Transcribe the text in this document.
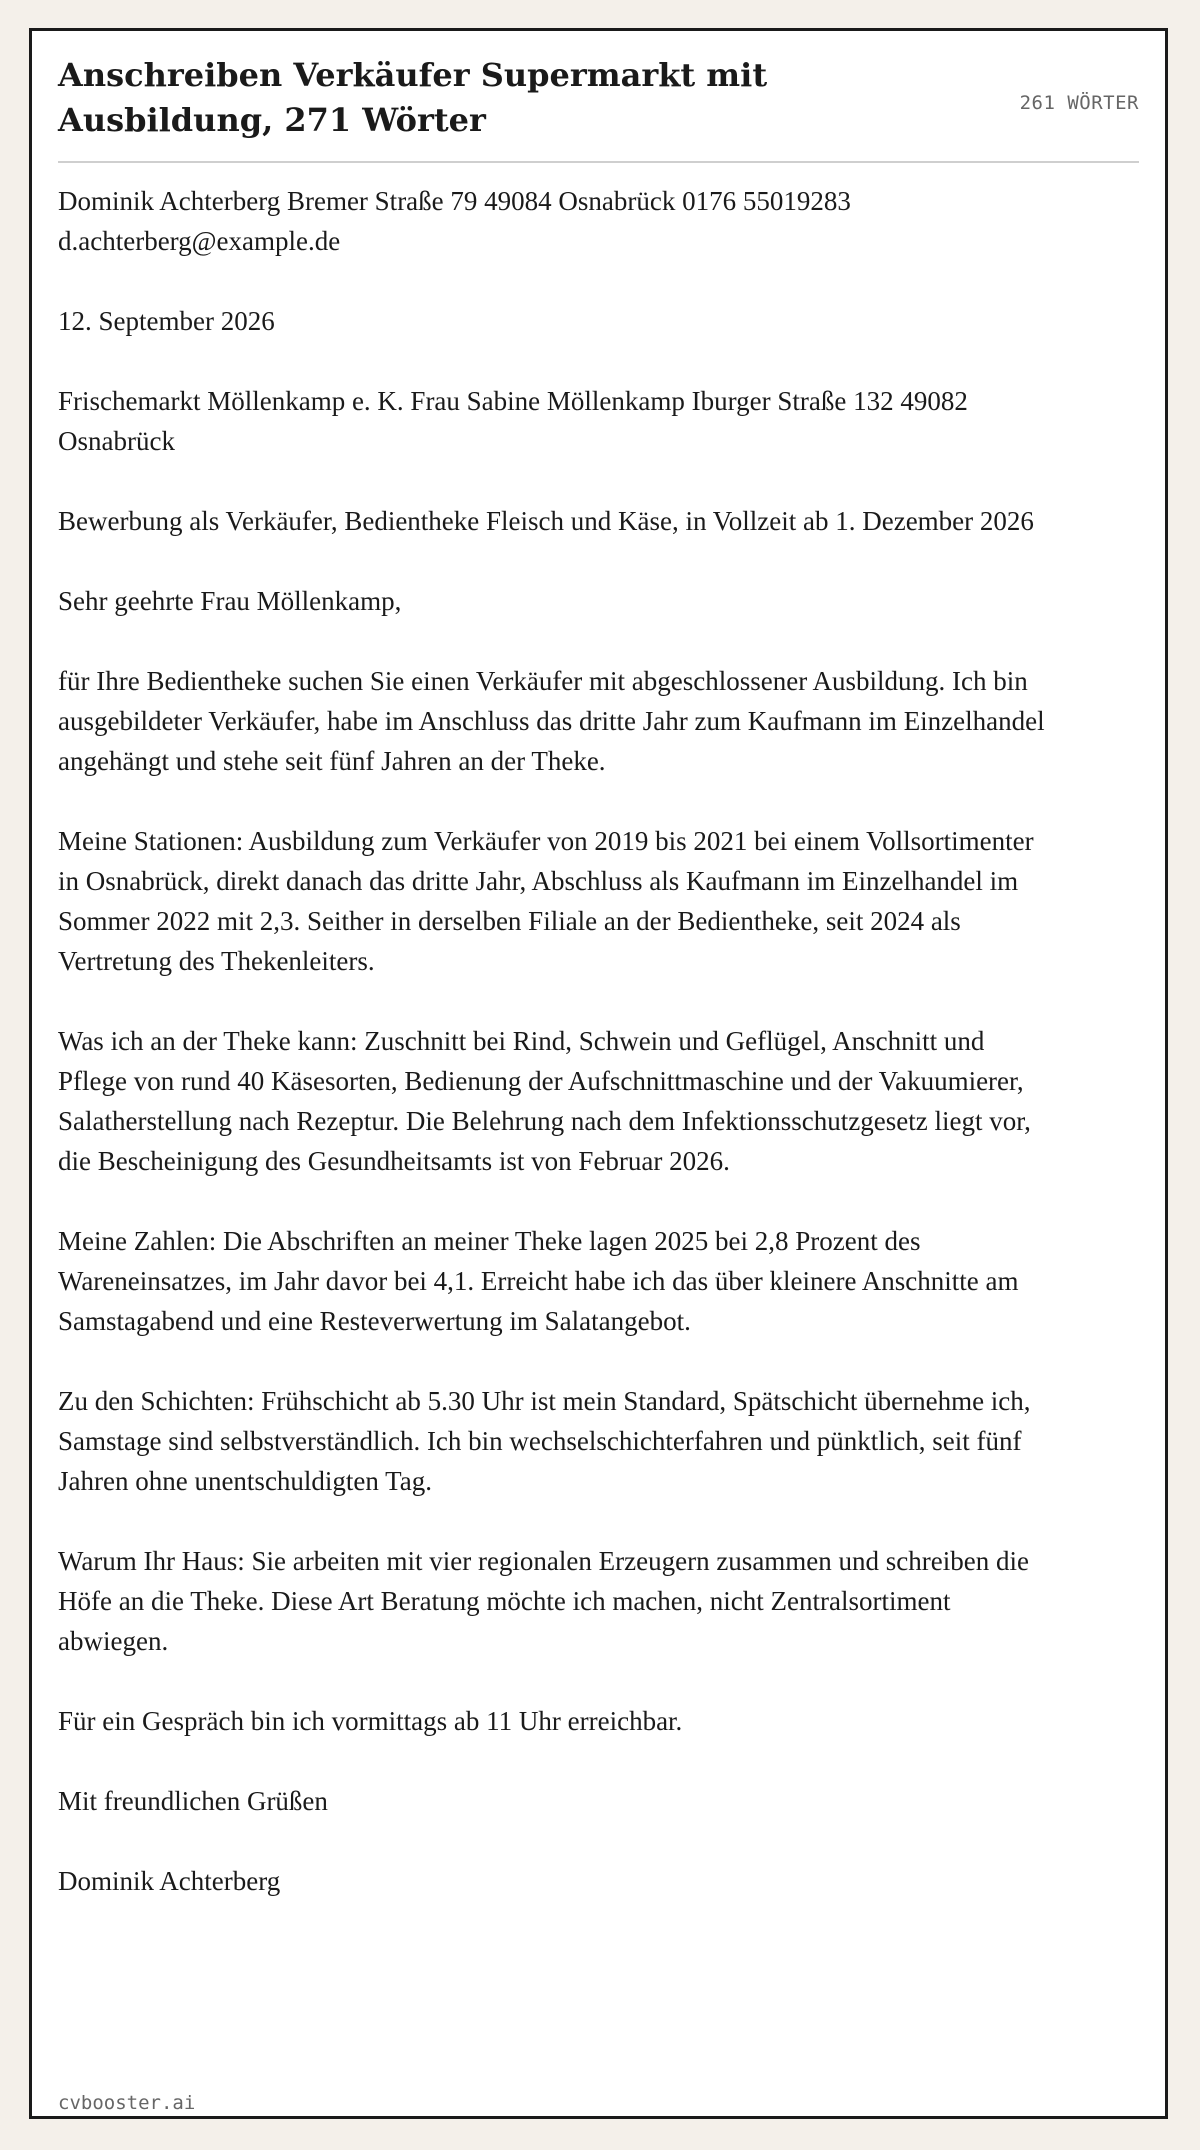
Anschreiben Verkäufer Supermarkt mit Ausbildung, 271 Wörter	261 WÖRTER

Dominik Achterberg Bremer Straße 79 49084 Osnabrück 0176 55019283 d.achterberg@example.de

12. September 2026

Frischemarkt Möllenkamp e. K. Frau Sabine Möllenkamp Iburger Straße 132 49082 Osnabrück

Bewerbung als Verkäufer, Bedientheke Fleisch und Käse, in Vollzeit ab 1. Dezember 2026

Sehr geehrte Frau Möllenkamp,

für Ihre Bedientheke suchen Sie einen Verkäufer mit abgeschlossener Ausbildung. Ich bin ausgebildeter Verkäufer, habe im Anschluss das dritte Jahr zum Kaufmann im Einzelhandel angehängt und stehe seit fünf Jahren an der Theke.

Meine Stationen: Ausbildung zum Verkäufer von 2019 bis 2021 bei einem Vollsortimenter in Osnabrück, direkt danach das dritte Jahr, Abschluss als Kaufmann im Einzelhandel im Sommer 2022 mit 2,3. Seither in derselben Filiale an der Bedientheke, seit 2024 als Vertretung des Thekenleiters.

Was ich an der Theke kann: Zuschnitt bei Rind, Schwein und Geflügel, Anschnitt und Pflege von rund 40 Käsesorten, Bedienung der Aufschnittmaschine und der Vakuumierer, Salatherstellung nach Rezeptur. Die Belehrung nach dem Infektionsschutzgesetz liegt vor, die Bescheinigung des Gesundheitsamts ist von Februar 2026.

Meine Zahlen: Die Abschriften an meiner Theke lagen 2025 bei 2,8 Prozent des Wareneinsatzes, im Jahr davor bei 4,1. Erreicht habe ich das über kleinere Anschnitte am Samstagabend und eine Resteverwertung im Salatangebot.

Zu den Schichten: Frühschicht ab 5.30 Uhr ist mein Standard, Spätschicht übernehme ich, Samstage sind selbstverständlich. Ich bin wechselschichterfahren und pünktlich, seit fünf Jahren ohne unentschuldigten Tag.

Warum Ihr Haus: Sie arbeiten mit vier regionalen Erzeugern zusammen und schreiben die Höfe an die Theke. Diese Art Beratung möchte ich machen, nicht Zentralsortiment abwiegen.

Für ein Gespräch bin ich vormittags ab 11 Uhr erreichbar.

Mit freundlichen Grüßen

Dominik Achterberg

cvbooster.ai
